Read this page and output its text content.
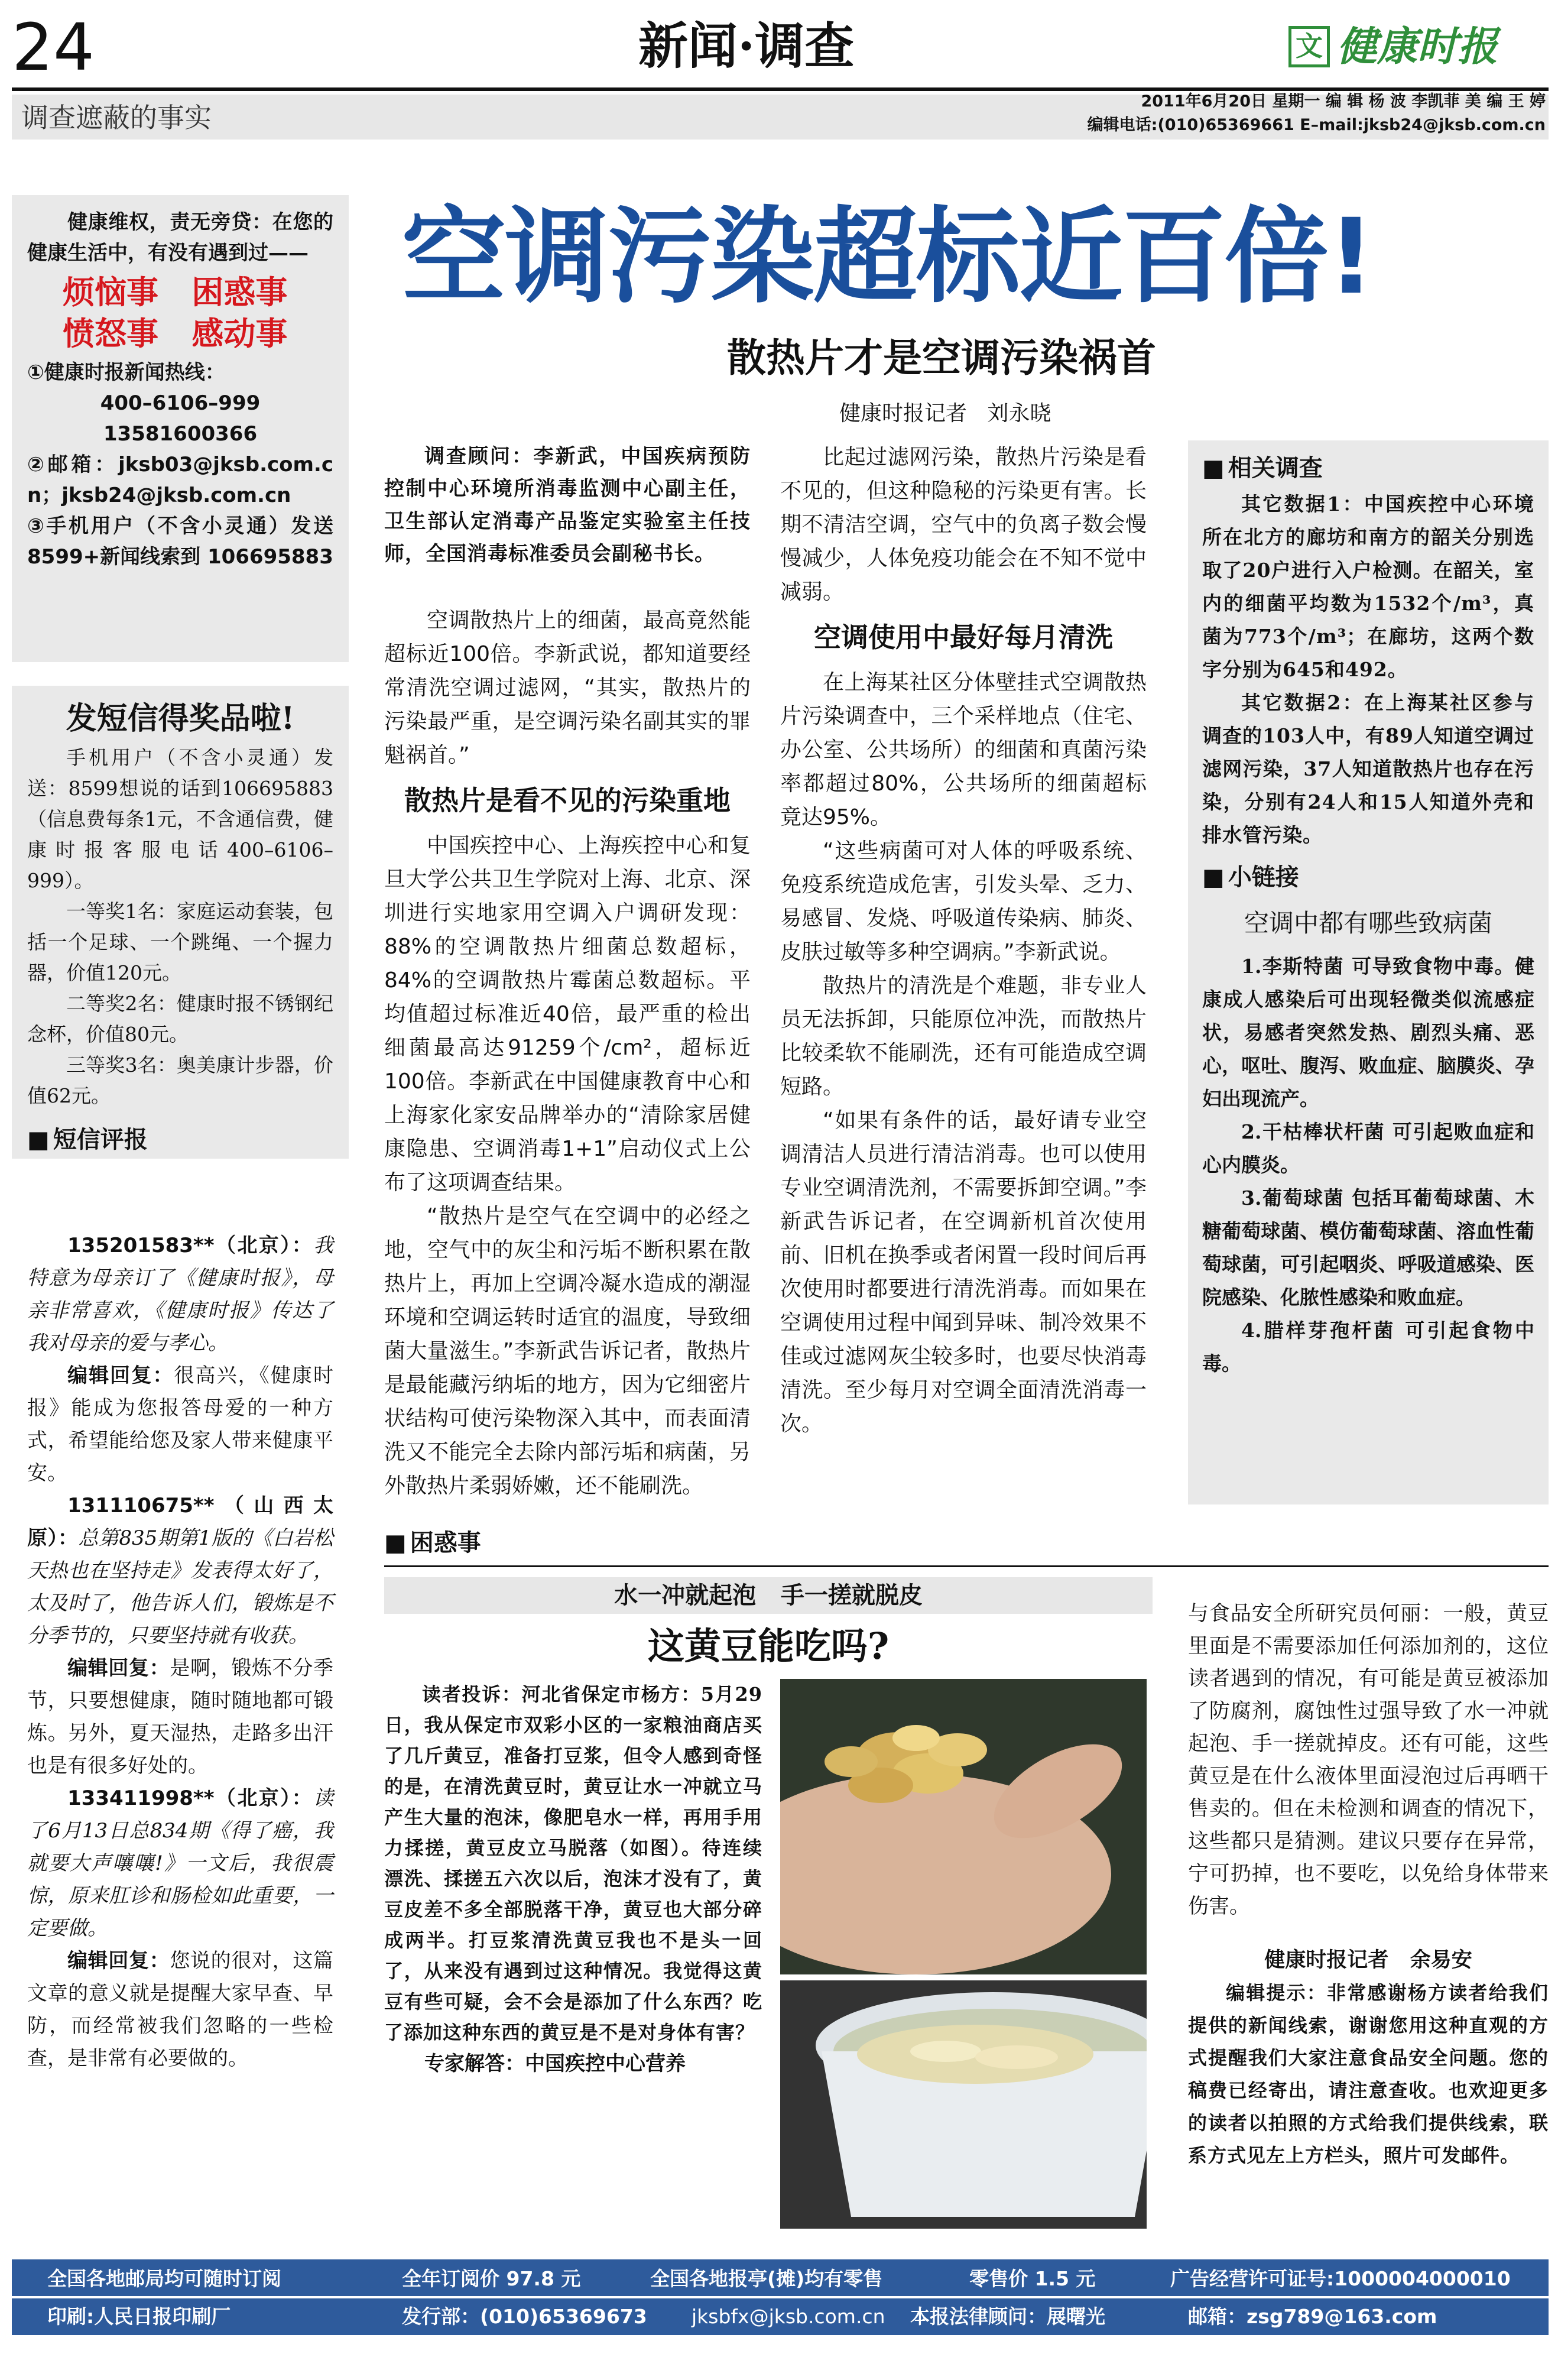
24	新闻·调查	文 健康时报
调查遮蔽的事实
2011年6月20日 星期一 编 辑 杨 波 李凯菲 美 编 王 婷
编辑电话:(010)65369661 E–mail:jksb24@jksb.com.cn

健康维权，责无旁贷：在您的健康生活中，有没有遇到过——

烦恼事   困惑事
愤怒事   感动事
①健康时报新闻热线：
400–6106–999
13581600366
②邮箱：jksb03@jksb.com.cn；jksb24@jksb.com.cn
③手机用户（不含小灵通）发送 8599+新闻线索到 106695883
发短信得奖品啦!

手机用户（不含小灵通）发送：8599想说的话到106695883（信息费每条1元，不含通信费，健康时报客服电话400–6106–999）。

一等奖1名：家庭运动套装，包括一个足球、一个跳绳、一个握力器，价值120元。

二等奖2名：健康时报不锈钢纪念杯，价值80元。

三等奖3名：奥美康计步器，价值62元。

■ 短信评报

135201583**（北京）：我特意为母亲订了《健康时报》，母亲非常喜欢，《健康时报》传达了我对母亲的爱与孝心。

编辑回复：很高兴，《健康时报》能成为您报答母爱的一种方式，希望能给您及家人带来健康平安。

131110675**（山西太原）：总第835期第1版的《白岩松天热也在坚持走》发表得太好了，太及时了，他告诉人们，锻炼是不分季节的，只要坚持就有收获。

编辑回复：是啊，锻炼不分季节，只要想健康，随时随地都可锻炼。另外，夏天湿热，走路多出汗也是有很多好处的。

133411998**（北京）：读了6月13日总834期《得了癌，我就要大声嚷嚷!》一文后，我很震惊，原来肛诊和肠检如此重要，一定要做。

编辑回复：您说的很对，这篇文章的意义就是提醒大家早查、早防，而经常被我们忽略的一些检查，是非常有必要做的。

空调污染超标近百倍!
散热片才是空调污染祸首
健康时报记者   刘永晓

调查顾问：李新武，中国疾病预防控制中心环境所消毒监测中心副主任，卫生部认定消毒产品鉴定实验室主任技师，全国消毒标准委员会副秘书长。

空调散热片上的细菌，最高竟然能超标近100倍。李新武说，都知道要经常清洗空调过滤网，“其实，散热片的污染最严重，是空调污染名副其实的罪魁祸首。”

散热片是看不见的污染重地

中国疾控中心、上海疾控中心和复旦大学公共卫生学院对上海、北京、深圳进行实地家用空调入户调研发现：88%的空调散热片细菌总数超标，84%的空调散热片霉菌总数超标。平均值超过标准近40倍，最严重的检出细菌最高达91259个/cm²，超标近100倍。李新武在中国健康教育中心和上海家化家安品牌举办的“清除家居健康隐患、空调消毒1+1”启动仪式上公布了这项调查结果。

“散热片是空气在空调中的必经之地，空气中的灰尘和污垢不断积累在散热片上，再加上空调冷凝水造成的潮湿环境和空调运转时适宜的温度，导致细菌大量滋生。”李新武告诉记者，散热片是最能藏污纳垢的地方，因为它细密片状结构可使污染物深入其中，而表面清洗又不能完全去除内部污垢和病菌，另外散热片柔弱娇嫩，还不能刷洗。

比起过滤网污染，散热片污染是看不见的，但这种隐秘的污染更有害。长期不清洁空调，空气中的负离子数会慢慢减少，人体免疫功能会在不知不觉中减弱。

空调使用中最好每月清洗

在上海某社区分体壁挂式空调散热片污染调查中，三个采样地点（住宅、办公室、公共场所）的细菌和真菌污染率都超过80%，公共场所的细菌超标竟达95%。

“这些病菌可对人体的呼吸系统、免疫系统造成危害，引发头晕、乏力、易感冒、发烧、呼吸道传染病、肺炎、皮肤过敏等多种空调病。”李新武说。

散热片的清洗是个难题，非专业人员无法拆卸，只能原位冲洗，而散热片比较柔软不能刷洗，还有可能造成空调短路。

“如果有条件的话，最好请专业空调清洁人员进行清洁消毒。也可以使用专业空调清洗剂，不需要拆卸空调。”李新武告诉记者，在空调新机首次使用前、旧机在换季或者闲置一段时间后再次使用时都要进行清洗消毒。而如果在空调使用过程中闻到异味、制冷效果不佳或过滤网灰尘较多时，也要尽快消毒清洗。至少每月对空调全面清洗消毒一次。

■ 相关调查

其它数据1：中国疾控中心环境所在北方的廊坊和南方的韶关分别选取了20户进行入户检测。在韶关，室内的细菌平均数为1532个/m³，真菌为773个/m³；在廊坊，这两个数字分别为645和492。

其它数据2：在上海某社区参与调查的103人中，有89人知道空调过滤网污染，37人知道散热片也存在污染，分别有24人和15人知道外壳和排水管污染。

■ 小链接
空调中都有哪些致病菌

1.李斯特菌 可导致食物中毒。健康成人感染后可出现轻微类似流感症状，易感者突然发热、剧烈头痛、恶心，呕吐、腹泻、败血症、脑膜炎、孕妇出现流产。

2.干枯棒状杆菌 可引起败血症和心内膜炎。

3.葡萄球菌 包括耳葡萄球菌、木糖葡萄球菌、模仿葡萄球菌、溶血性葡萄球菌，可引起咽炎、呼吸道感染、医院感染、化脓性感染和败血症。

4.腊样芽孢杆菌 可引起食物中毒。

■ 困惑事
水一冲就起泡   手一搓就脱皮
这黄豆能吃吗?

读者投诉：河北省保定市杨方：5月29日，我从保定市双彩小区的一家粮油商店买了几斤黄豆，准备打豆浆，但令人感到奇怪的是，在清洗黄豆时，黄豆让水一冲就立马产生大量的泡沫，像肥皂水一样，再用手用力揉搓，黄豆皮立马脱落（如图）。待连续漂洗、揉搓五六次以后，泡沫才没有了，黄豆皮差不多全部脱落干净，黄豆也大部分碎成两半。打豆浆清洗黄豆我也不是头一回了，从来没有遇到过这种情况。我觉得这黄豆有些可疑，会不会是添加了什么东西？吃了添加这种东西的黄豆是不是对身体有害？

专家解答：中国疾控中心营养

与食品安全所研究员何丽：一般，黄豆里面是不需要添加任何添加剂的，这位读者遇到的情况，有可能是黄豆被添加了防腐剂，腐蚀性过强导致了水一冲就起泡、手一搓就掉皮。还有可能，这些黄豆是在什么液体里面浸泡过后再晒干售卖的。但在未检测和调查的情况下，这些都只是猜测。建议只要存在异常，宁可扔掉，也不要吃，以免给身体带来伤害。

健康时报记者   余易安

编辑提示：非常感谢杨方读者给我们提供的新闻线索，谢谢您用这种直观的方式提醒我们大家注意食品安全问题。您的稿费已经寄出，请注意查收。也欢迎更多的读者以拍照的方式给我们提供线索，联系方式见左上方栏头，照片可发邮件。

全国各地邮局均可随时订阅	全年订阅价 97.8 元	全国各地报亭(摊)均有零售	零售价 1.5 元	广告经营许可证号:1000004000010
印刷:人民日报印刷厂	发行部：(010)65369673 jksbfx@jksb.com.cn 本报法律顾问：展曙光	邮箱：zsg789@163.com
